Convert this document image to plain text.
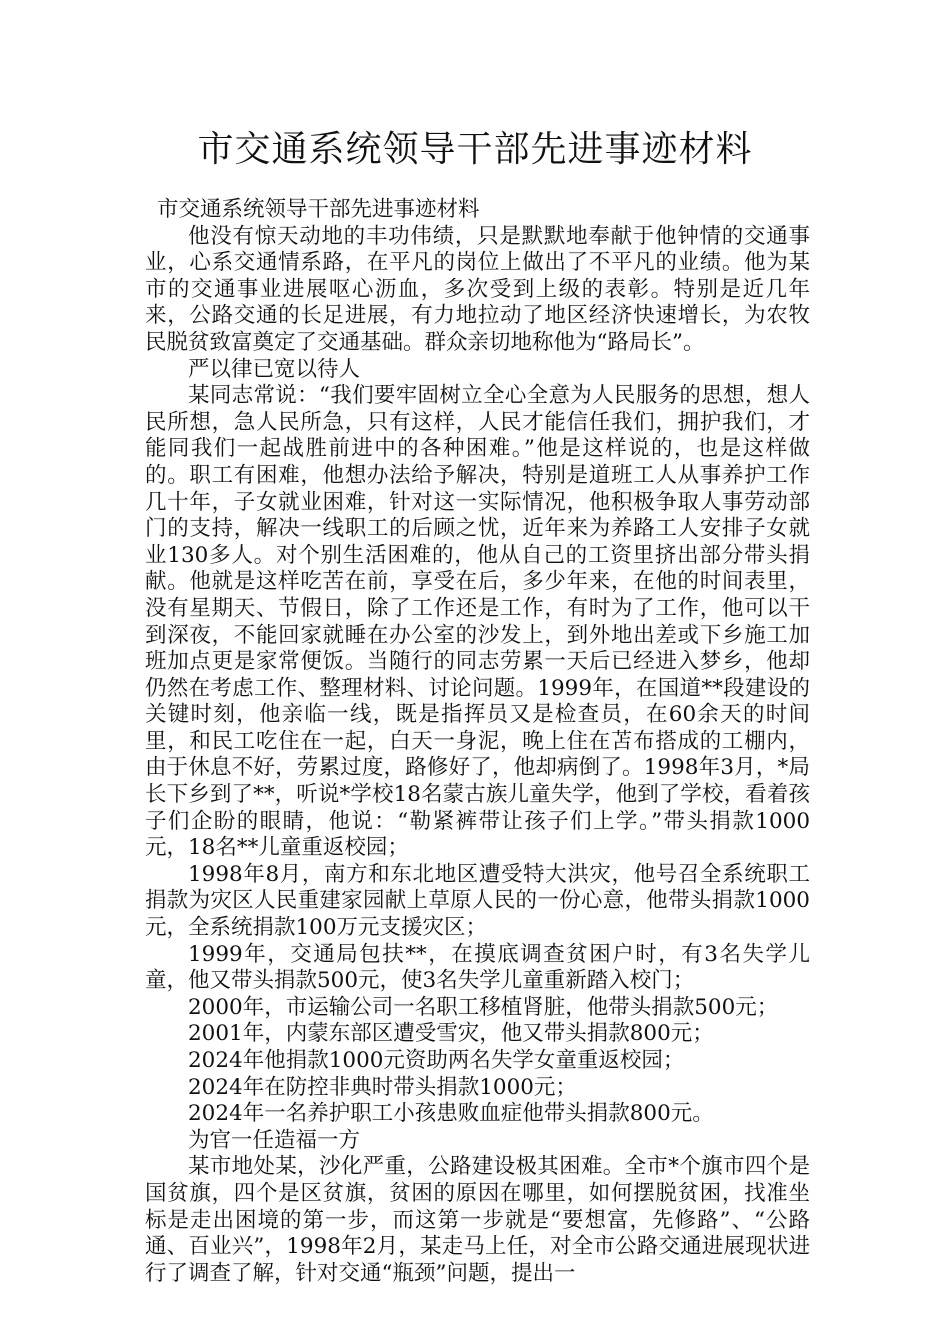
市交通系统领导干部先进事迹材料

市交通系统领导干部先进事迹材料

他没有惊天动地的丰功伟绩，只是默默地奉献于他钟情的交通事业，心系交通情系路，在平凡的岗位上做出了不平凡的业绩。他为某市的交通事业进展呕心沥血，多次受到上级的表彰。特别是近几年来，公路交通的长足进展，有力地拉动了地区经济快速增长，为农牧民脱贫致富奠定了交通基础。群众亲切地称他为“路局长”。

严以律已宽以待人

某同志常说：“我们要牢固树立全心全意为人民服务的思想，想人民所想，急人民所急，只有这样，人民才能信任我们，拥护我们，才能同我们一起战胜前进中的各种困难。”他是这样说的，也是这样做的。职工有困难，他想办法给予解决，特别是道班工人从事养护工作几十年，子女就业困难，针对这一实际情况，他积极争取人事劳动部门的支持，解决一线职工的后顾之忧，近年来为养路工人安排子女就业130多人。对个别生活困难的，他从自己的工资里挤出部分带头捐献。他就是这样吃苦在前，享受在后，多少年来，在他的时间表里，没有星期天、节假日，除了工作还是工作，有时为了工作，他可以干到深夜，不能回家就睡在办公室的沙发上，到外地出差或下乡施工加班加点更是家常便饭。当随行的同志劳累一天后已经进入梦乡，他却仍然在考虑工作、整理材料、讨论问题。1999年，在国道**段建设的关键时刻，他亲临一线，既是指挥员又是检查员，在60余天的时间里，和民工吃住在一起，白天一身泥，晚上住在苫布搭成的工棚内，由于休息不好，劳累过度，路修好了，他却病倒了。1998年3月，*局长下乡到了**，听说*学校18名蒙古族儿童失学，他到了学校，看着孩子们企盼的眼睛，他说：“勒紧裤带让孩子们上学。”带头捐款1000元，18名**儿童重返校园；

1998年8月，南方和东北地区遭受特大洪灾，他号召全系统职工捐款为灾区人民重建家园献上草原人民的一份心意，他带头捐款1000元，全系统捐款100万元支援灾区；

1999年，交通局包扶**，在摸底调查贫困户时，有3名失学儿童，他又带头捐款500元，使3名失学儿童重新踏入校门；

2000年，市运输公司一名职工移植肾脏，他带头捐款500元；

2001年，内蒙东部区遭受雪灾，他又带头捐款800元；

2024年他捐款1000元资助两名失学女童重返校园；

2024年在防控非典时带头捐款1000元；

2024年一名养护职工小孩患败血症他带头捐款800元。

为官一任造福一方

某市地处某，沙化严重，公路建设极其困难。全市*个旗市四个是国贫旗，四个是区贫旗，贫困的原因在哪里，如何摆脱贫困，找准坐标是走出困境的第一步，而这第一步就是“要想富，先修路”、“公路通、百业兴”，1998年2月，某走马上任，对全市公路交通进展现状进行了调查了解，针对交通“瓶颈”问题，提出一
